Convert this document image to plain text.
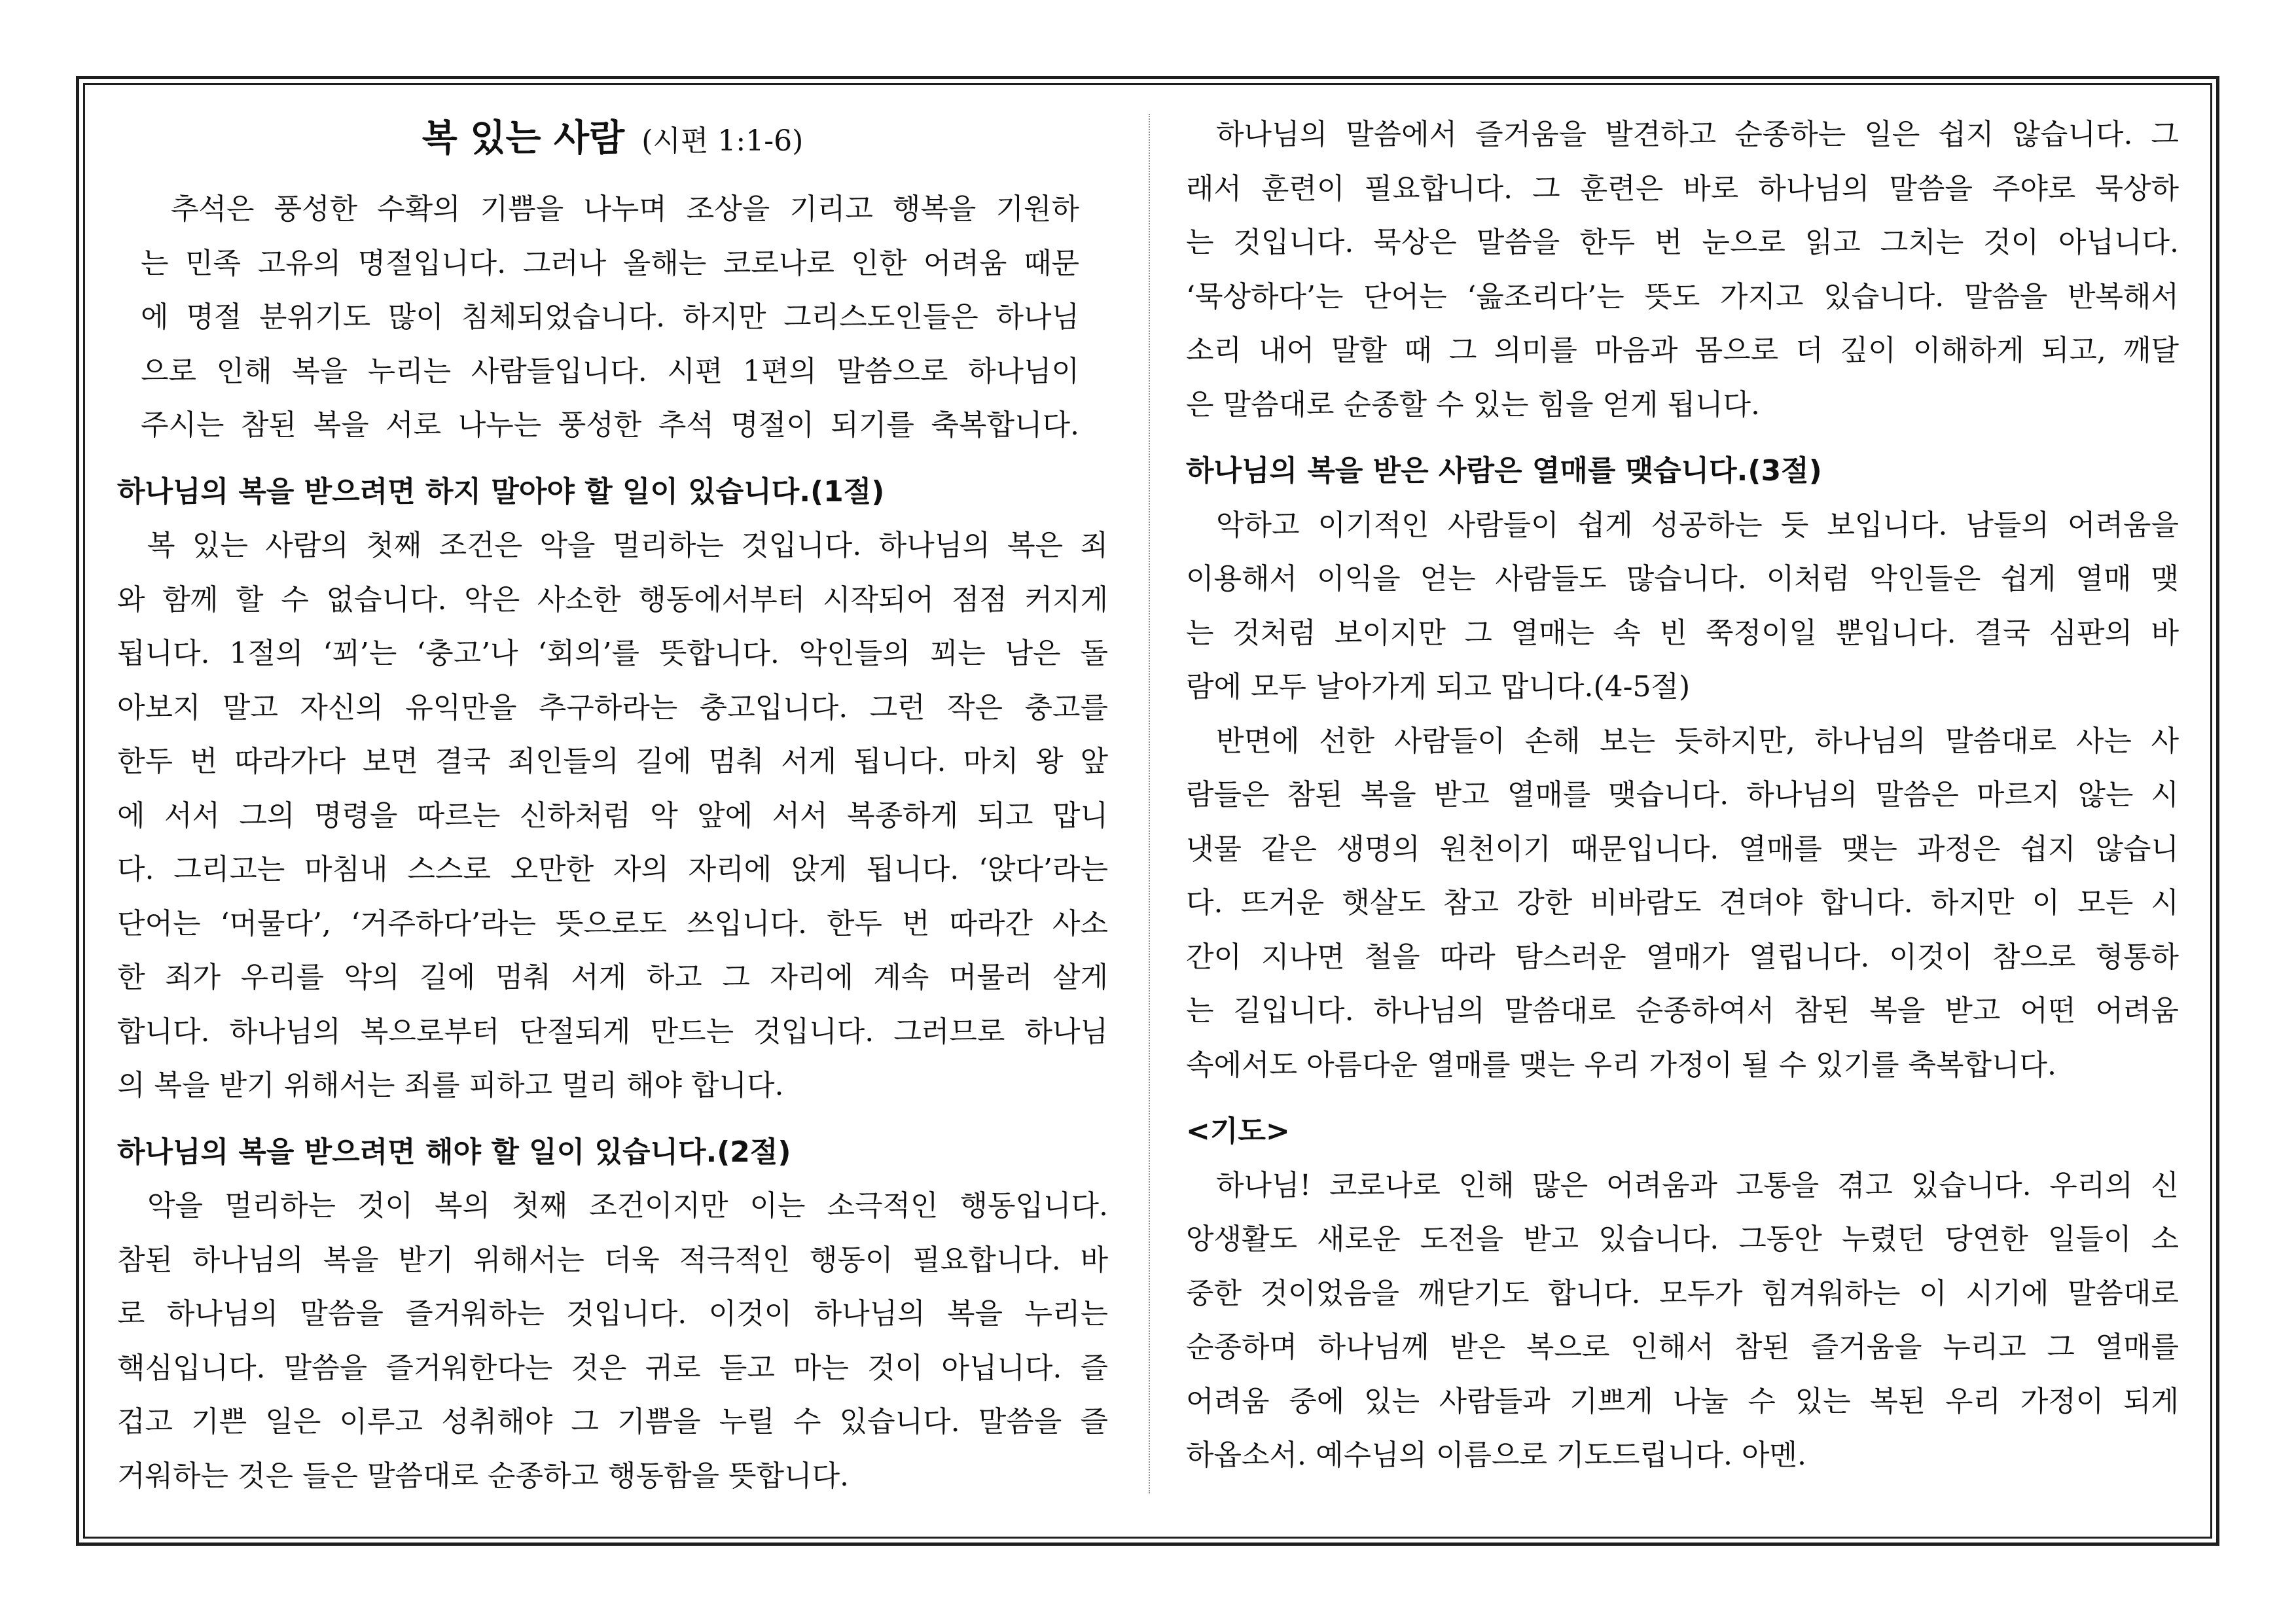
복 있는 사람 (시편 1:1-6)
추석은 풍성한 수확의 기쁨을 나누며 조상을 기리고 행복을 기원하
는 민족 고유의 명절입니다. 그러나 올해는 코로나로 인한 어려움 때문
에 명절 분위기도 많이 침체되었습니다. 하지만 그리스도인들은 하나님
으로 인해 복을 누리는 사람들입니다. 시편 1편의 말씀으로 하나님이
주시는 참된 복을 서로 나누는 풍성한 추석 명절이 되기를 축복합니다.
하나님의 복을 받으려면 하지 말아야 할 일이 있습니다.(1절)
복 있는 사람의 첫째 조건은 악을 멀리하는 것입니다. 하나님의 복은 죄
와 함께 할 수 없습니다. 악은 사소한 행동에서부터 시작되어 점점 커지게
됩니다. 1절의 ‘꾀’는 ‘충고’나 ‘회의’를 뜻합니다. 악인들의 꾀는 남은 돌
아보지 말고 자신의 유익만을 추구하라는 충고입니다. 그런 작은 충고를
한두 번 따라가다 보면 결국 죄인들의 길에 멈춰 서게 됩니다. 마치 왕 앞
에 서서 그의 명령을 따르는 신하처럼 악 앞에 서서 복종하게 되고 맙니
다. 그리고는 마침내 스스로 오만한 자의 자리에 앉게 됩니다. ‘앉다’라는
단어는 ‘머물다’, ‘거주하다’라는 뜻으로도 쓰입니다. 한두 번 따라간 사소
한 죄가 우리를 악의 길에 멈춰 서게 하고 그 자리에 계속 머물러 살게
합니다. 하나님의 복으로부터 단절되게 만드는 것입니다. 그러므로 하나님
의 복을 받기 위해서는 죄를 피하고 멀리 해야 합니다.
하나님의 복을 받으려면 해야 할 일이 있습니다.(2절)
악을 멀리하는 것이 복의 첫째 조건이지만 이는 소극적인 행동입니다.
참된 하나님의 복을 받기 위해서는 더욱 적극적인 행동이 필요합니다. 바
로 하나님의 말씀을 즐거워하는 것입니다. 이것이 하나님의 복을 누리는
핵심입니다. 말씀을 즐거워한다는 것은 귀로 듣고 마는 것이 아닙니다. 즐
겁고 기쁜 일은 이루고 성취해야 그 기쁨을 누릴 수 있습니다. 말씀을 즐
거워하는 것은 들은 말씀대로 순종하고 행동함을 뜻합니다.
하나님의 말씀에서 즐거움을 발견하고 순종하는 일은 쉽지 않습니다. 그
래서 훈련이 필요합니다. 그 훈련은 바로 하나님의 말씀을 주야로 묵상하
는 것입니다. 묵상은 말씀을 한두 번 눈으로 읽고 그치는 것이 아닙니다.
‘묵상하다’는 단어는 ‘읊조리다’는 뜻도 가지고 있습니다. 말씀을 반복해서
소리 내어 말할 때 그 의미를 마음과 몸으로 더 깊이 이해하게 되고, 깨달
은 말씀대로 순종할 수 있는 힘을 얻게 됩니다.
하나님의 복을 받은 사람은 열매를 맺습니다.(3절)
악하고 이기적인 사람들이 쉽게 성공하는 듯 보입니다. 남들의 어려움을
이용해서 이익을 얻는 사람들도 많습니다. 이처럼 악인들은 쉽게 열매 맺
는 것처럼 보이지만 그 열매는 속 빈 쭉정이일 뿐입니다. 결국 심판의 바
람에 모두 날아가게 되고 맙니다.(4-5절)
반면에 선한 사람들이 손해 보는 듯하지만, 하나님의 말씀대로 사는 사
람들은 참된 복을 받고 열매를 맺습니다. 하나님의 말씀은 마르지 않는 시
냇물 같은 생명의 원천이기 때문입니다. 열매를 맺는 과정은 쉽지 않습니
다. 뜨거운 햇살도 참고 강한 비바람도 견뎌야 합니다. 하지만 이 모든 시
간이 지나면 철을 따라 탐스러운 열매가 열립니다. 이것이 참으로 형통하
는 길입니다. 하나님의 말씀대로 순종하여서 참된 복을 받고 어떤 어려움
속에서도 아름다운 열매를 맺는 우리 가정이 될 수 있기를 축복합니다.
<기도>
하나님! 코로나로 인해 많은 어려움과 고통을 겪고 있습니다. 우리의 신
앙생활도 새로운 도전을 받고 있습니다. 그동안 누렸던 당연한 일들이 소
중한 것이었음을 깨닫기도 합니다. 모두가 힘겨워하는 이 시기에 말씀대로
순종하며 하나님께 받은 복으로 인해서 참된 즐거움을 누리고 그 열매를
어려움 중에 있는 사람들과 기쁘게 나눌 수 있는 복된 우리 가정이 되게
하옵소서. 예수님의 이름으로 기도드립니다. 아멘.
